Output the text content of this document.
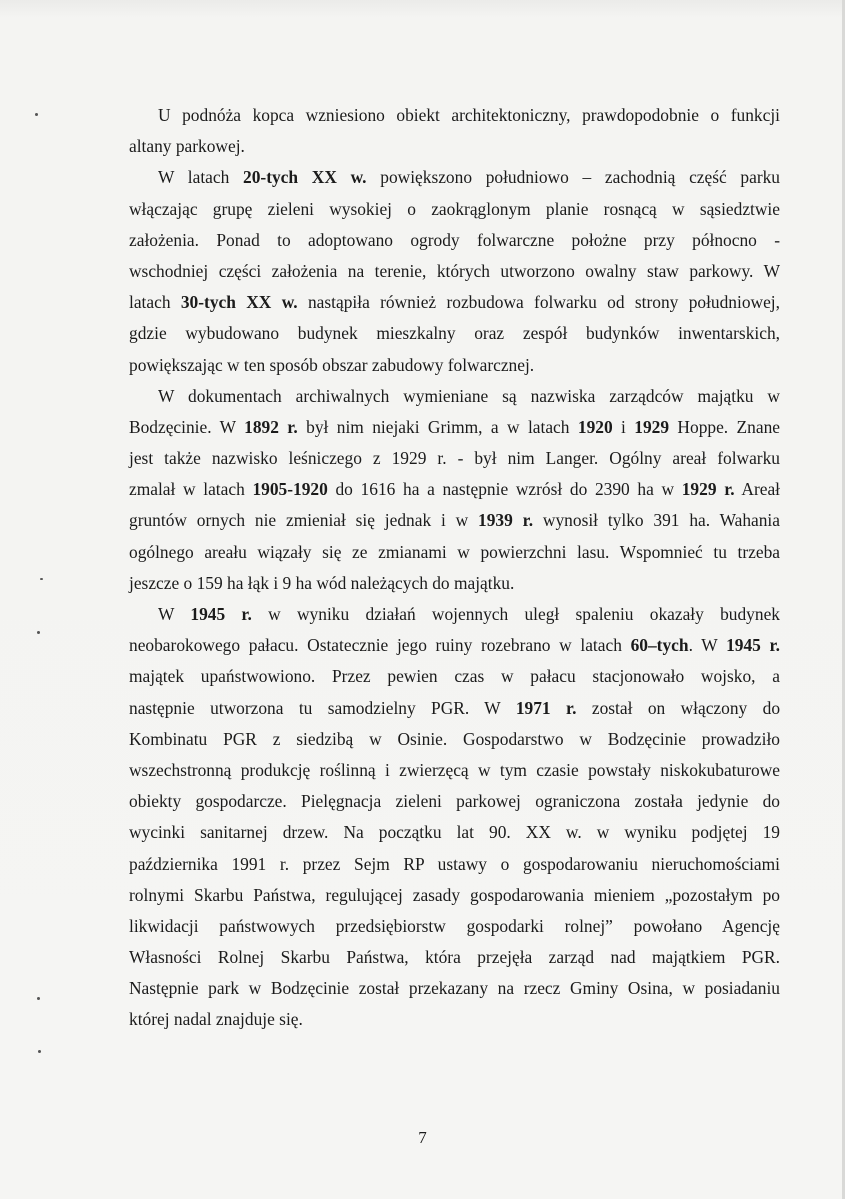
U podnóża kopca wzniesiono obiekt architektoniczny, prawdopodobnie o funkcji
altany parkowej.
W latach 20-tych XX w. powiększono południowo – zachodnią część parku
włączając grupę zieleni wysokiej o zaokrąglonym planie rosnącą w sąsiedztwie
założenia. Ponad to adoptowano ogrody folwarczne położne przy północno -
wschodniej części założenia na terenie, których utworzono owalny staw parkowy. W
latach 30-tych XX w. nastąpiła również rozbudowa folwarku od strony południowej,
gdzie wybudowano budynek mieszkalny oraz zespół budynków inwentarskich,
powiększając w ten sposób obszar zabudowy folwarcznej.
W dokumentach archiwalnych wymieniane są nazwiska zarządców majątku w
Bodzęcinie. W 1892 r. był nim niejaki Grimm, a w latach 1920 i 1929 Hoppe. Znane
jest także nazwisko leśniczego z 1929 r. - był nim Langer. Ogólny areał folwarku
zmalał w latach 1905-1920 do 1616 ha a następnie wzrósł do 2390 ha w 1929 r. Areał
gruntów ornych nie zmieniał się jednak i w 1939 r. wynosił tylko 391 ha. Wahania
ogólnego areału wiązały się ze zmianami w powierzchni lasu. Wspomnieć tu trzeba
jeszcze o 159 ha łąk i 9 ha wód należących do majątku.
W 1945 r. w wyniku działań wojennych uległ spaleniu okazały budynek
neobarokowego pałacu. Ostatecznie jego ruiny rozebrano w latach 60–tych. W 1945 r.
majątek upaństwowiono. Przez pewien czas w pałacu stacjonowało wojsko, a
następnie utworzona tu samodzielny PGR. W 1971 r. został on włączony do
Kombinatu PGR z siedzibą w Osinie. Gospodarstwo w Bodzęcinie prowadziło
wszechstronną produkcję roślinną i zwierzęcą w tym czasie powstały niskokubaturowe
obiekty gospodarcze. Pielęgnacja zieleni parkowej ograniczona została jedynie do
wycinki sanitarnej drzew. Na początku lat 90. XX w. w wyniku podjętej 19
października 1991 r. przez Sejm RP ustawy o gospodarowaniu nieruchomościami
rolnymi Skarbu Państwa, regulującej zasady gospodarowania mieniem „pozostałym po
likwidacji państwowych przedsiębiorstw gospodarki rolnej” powołano Agencję
Własności Rolnej Skarbu Państwa, która przejęła zarząd nad majątkiem PGR.
Następnie park w Bodzęcinie został przekazany na rzecz Gminy Osina, w posiadaniu
której nadal znajduje się.
7
